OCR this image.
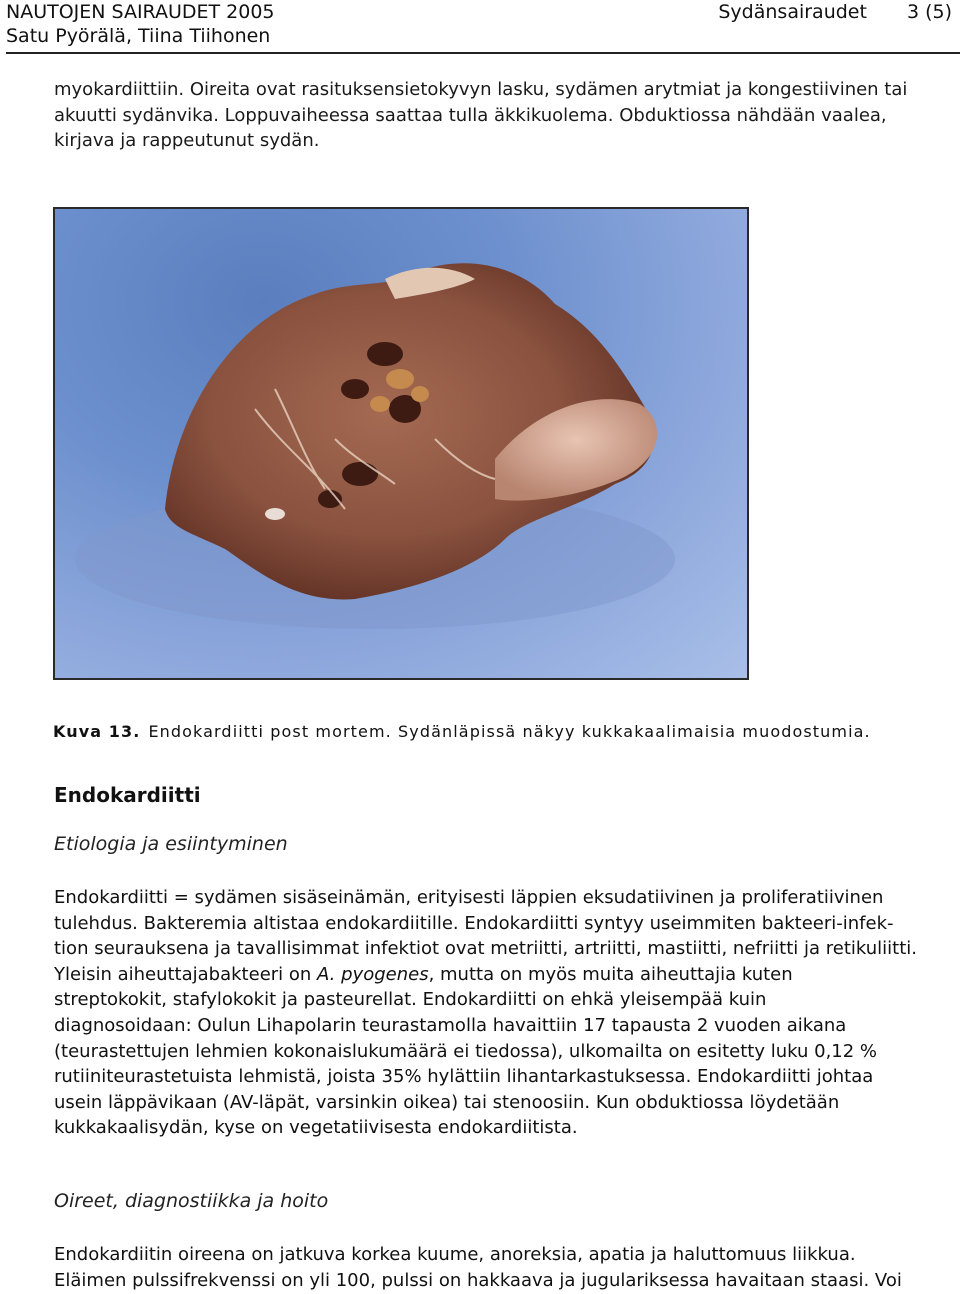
NAUTOJEN SAIRAUDET 2005
Satu Pyörälä, Tiina Tiihonen
Sydänsairaudet 3 (5)
myokardiittiin. Oireita ovat rasituksensietokyvyn lasku, sydämen arytmiat ja kongestiivinen tai
akuutti sydänvika. Loppuvaiheessa saattaa tulla äkkikuolema. Obduktiossa nähdään vaalea,
kirjava ja rappeutunut sydän.
Kuva 13. Endokardiitti post mortem. Sydänläpissä näkyy kukkakaalimaisia muodostumia.
Endokardiitti
Etiologia ja esiintyminen
Endokardiitti = sydämen sisäseinämän, erityisesti läppien eksudatiivinen ja proliferatiivinen
tulehdus. Bakteremia altistaa endokardiitille. Endokardiitti syntyy useimmiten bakteeri-infek-
tion seurauksena ja tavallisimmat infektiot ovat metriitti, artriitti, mastiitti, nefriitti ja retikuliitti.
Yleisin aiheuttajabakteeri on A. pyogenes, mutta on myös muita aiheuttajia kuten
streptokokit, stafylokokit ja pasteurellat. Endokardiitti on ehkä yleisempää kuin
diagnosoidaan: Oulun Lihapolarin teurastamolla havaittiin 17 tapausta 2 vuoden aikana
(teurastettujen lehmien kokonaislukumäärä ei tiedossa), ulkomailta on esitetty luku 0,12 %
rutiiniteurastetuista lehmistä, joista 35% hylättiin lihantarkastuksessa. Endokardiitti johtaa
usein läppävikaan (AV-läpät, varsinkin oikea) tai stenoosiin. Kun obduktiossa löydetään
kukkakaalisydän, kyse on vegetatiivisesta endokardiitista.
Oireet, diagnostiikka ja hoito
Endokardiitin oireena on jatkuva korkea kuume, anoreksia, apatia ja haluttomuus liikkua.
Eläimen pulssifrekvenssi on yli 100, pulssi on hakkaava ja jugulariksessa havaitaan staasi. Voi
